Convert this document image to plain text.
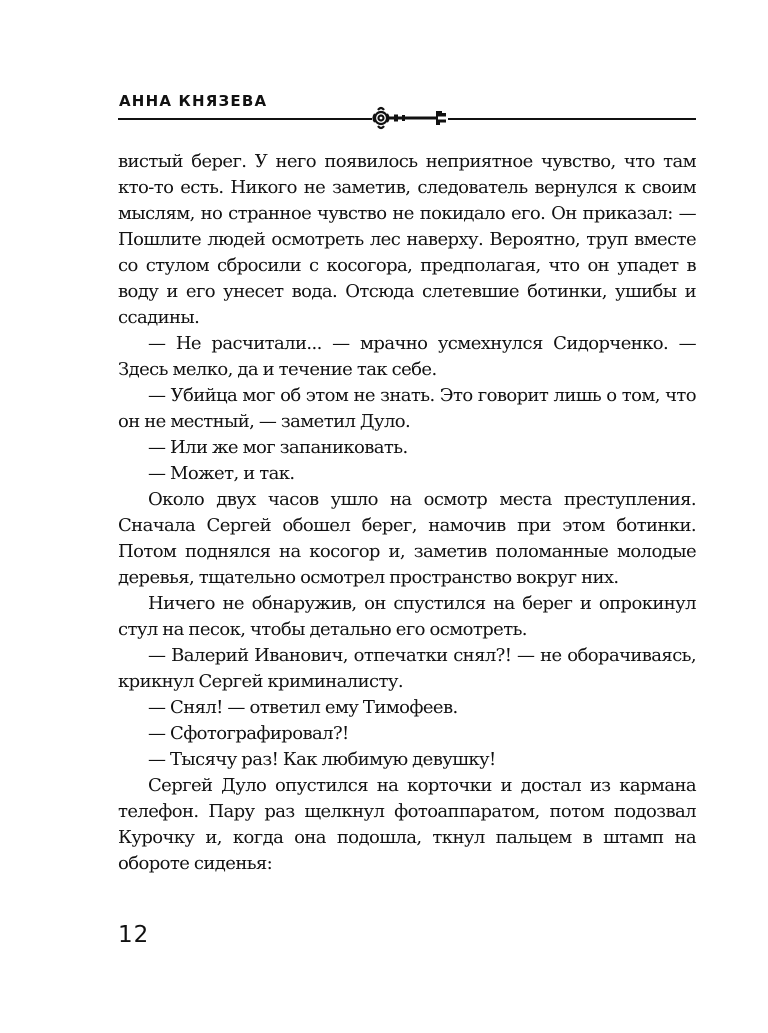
АННА КНЯЗЕВА

вистый берег. У него появилось неприятное чувство, что там кто-то есть. Никого не заметив, следователь вернулся к своим мыслям, но странное чувство не покидало его. Он приказал: — Пошлите людей осмотреть лес наверху. Вероятно, труп вместе со стулом сбросили с косогора, предполагая, что он упадет в воду и его унесет вода. Отсюда слетевшие ботинки, ушибы и ссадины.

— Не расчитали... — мрачно усмехнулся Сидорченко. — Здесь мелко, да и течение так себе.

— Убийца мог об этом не знать. Это говорит лишь о том, что он не местный, — заметил Дуло.

— Или же мог запаниковать.

— Может, и так.

Около двух часов ушло на осмотр места преступления. Сначала Сергей обошел берег, намочив при этом ботинки. Потом поднялся на косогор и, заметив поломанные молодые деревья, тщательно осмотрел пространство вокруг них.

Ничего не обнаружив, он спустился на берег и опрокинул стул на песок, чтобы детально его осмотреть.

— Валерий Иванович, отпечатки снял?! — не оборачиваясь, крикнул Сергей криминалисту.

— Снял! — ответил ему Тимофеев.

— Сфотографировал?!

— Тысячу раз! Как любимую девушку!

Сергей Дуло опустился на корточки и достал из кармана телефон. Пару раз щелкнул фотоаппаратом, потом подозвал Курочку и, когда она подошла, ткнул пальцем в штамп на обороте сиденья:

12
